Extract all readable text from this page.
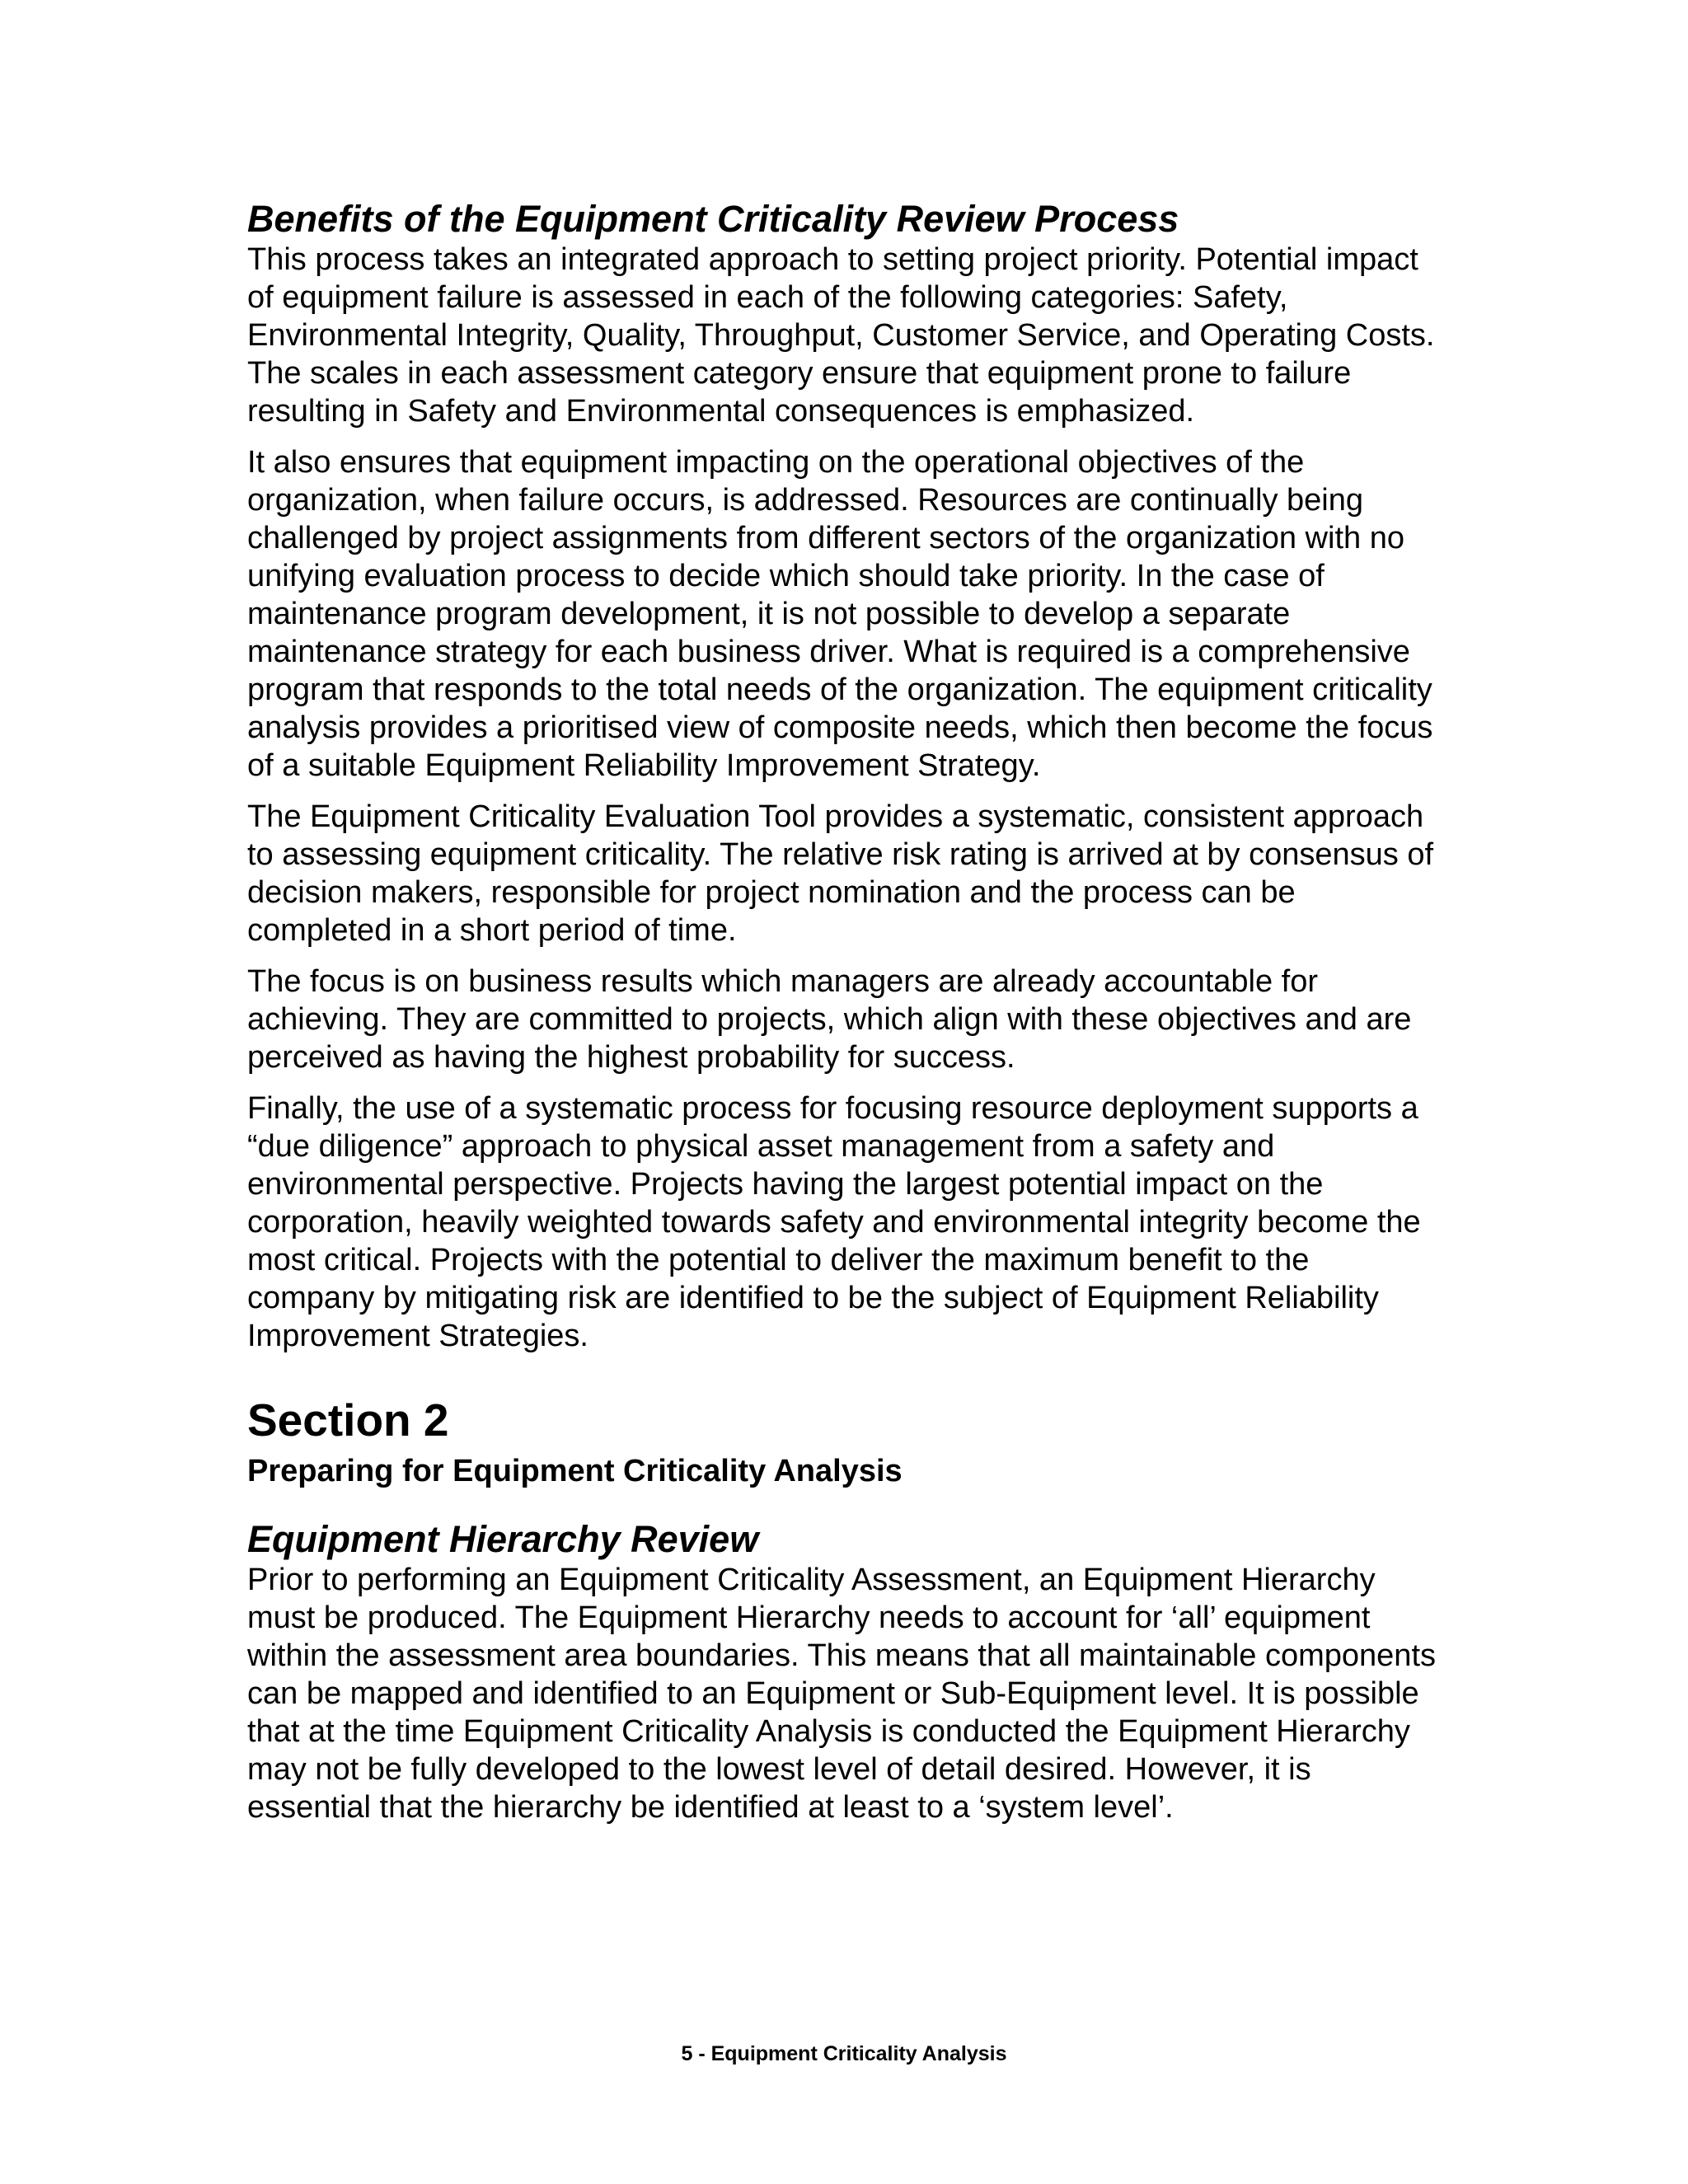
Benefits of the Equipment Criticality Review Process

This process takes an integrated approach to setting project priority. Potential impact of equipment failure is assessed in each of the following categories: Safety, Environmental Integrity, Quality, Throughput, Customer Service, and Operating Costs. The scales in each assessment category ensure that equipment prone to failure resulting in Safety and Environmental consequences is emphasized.

It also ensures that equipment impacting on the operational objectives of the organization, when failure occurs, is addressed. Resources are continually being challenged by project assignments from different sectors of the organization with no unifying evaluation process to decide which should take priority. In the case of maintenance program development, it is not possible to develop a separate maintenance strategy for each business driver. What is required is a comprehensive program that responds to the total needs of the organization. The equipment criticality analysis provides a prioritised view of composite needs, which then become the focus of a suitable Equipment Reliability Improvement Strategy.

The Equipment Criticality Evaluation Tool provides a systematic, consistent approach to assessing equipment criticality. The relative risk rating is arrived at by consensus of decision makers, responsible for project nomination and the process can be completed in a short period of time.

The focus is on business results which managers are already accountable for achieving. They are committed to projects, which align with these objectives and are perceived as having the highest probability for success.

Finally, the use of a systematic process for focusing resource deployment supports a “due diligence” approach to physical asset management from a safety and environmental perspective. Projects having the largest potential impact on the corporation, heavily weighted towards safety and environmental integrity become the most critical. Projects with the potential to deliver the maximum benefit to the company by mitigating risk are identified to be the subject of Equipment Reliability Improvement Strategies.

Section 2
Preparing for Equipment Criticality Analysis
Equipment Hierarchy Review

Prior to performing an Equipment Criticality Assessment, an Equipment Hierarchy must be produced. The Equipment Hierarchy needs to account for ‘all’ equipment within the assessment area boundaries. This means that all maintainable components can be mapped and identified to an Equipment or Sub-Equipment level. It is possible that at the time Equipment Criticality Analysis is conducted the Equipment Hierarchy may not be fully developed to the lowest level of detail desired. However, it is essential that the hierarchy be identified at least to a ‘system level’.

5 - Equipment Criticality Analysis
